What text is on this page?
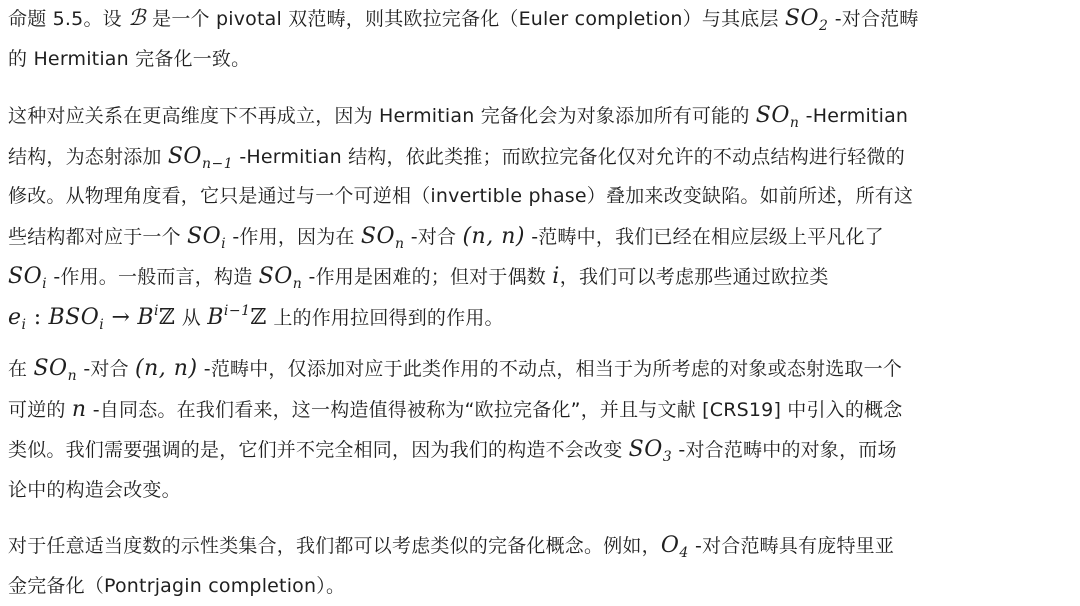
命题 5.5。设 ℬ 是一个 pivotal 双范畴，则其欧拉完备化（Euler completion）与其底层 $SO_2$ -对合范畴
的 Hermitian 完备化一致。
这种对应关系在更高维度下不再成立，因为 Hermitian 完备化会为对象添加所有可能的 $SO_n$ -Hermitian
结构，为态射添加 $SO_{n-1}$ -Hermitian 结构，依此类推；而欧拉完备化仅对允许的不动点结构进行轻微的
修改。从物理角度看，它只是通过与一个可逆相（invertible phase）叠加来改变缺陷。如前所述，所有这
些结构都对应于一个 $SO_i$ -作用，因为在 $SO_n$ -对合 (n, n) -范畴中，我们已经在相应层级上平凡化了
$SO_i$ -作用。一般而言，构造 $SO_n$ -作用是困难的；但对于偶数 i，我们可以考虑那些通过欧拉类
$e_i$ : $BSO_i$ → $B^iℤ$ 从 $B^{i-1}ℤ$ 上的作用拉回得到的作用。
在 $SO_n$ -对合 (n, n) -范畴中，仅添加对应于此类作用的不动点，相当于为所考虑的对象或态射选取一个
可逆的 n -自同态。在我们看来，这一构造值得被称为“欧拉完备化”，并且与文献 [CRS19] 中引入的概念
类似。我们需要强调的是，它们并不完全相同，因为我们的构造不会改变 $SO_3$ -对合范畴中的对象，而场
论中的构造会改变。
对于任意适当度数的示性类集合，我们都可以考虑类似的完备化概念。例如，$O_4$ -对合范畴具有庞特里亚
金完备化（Pontrjagin completion）。
